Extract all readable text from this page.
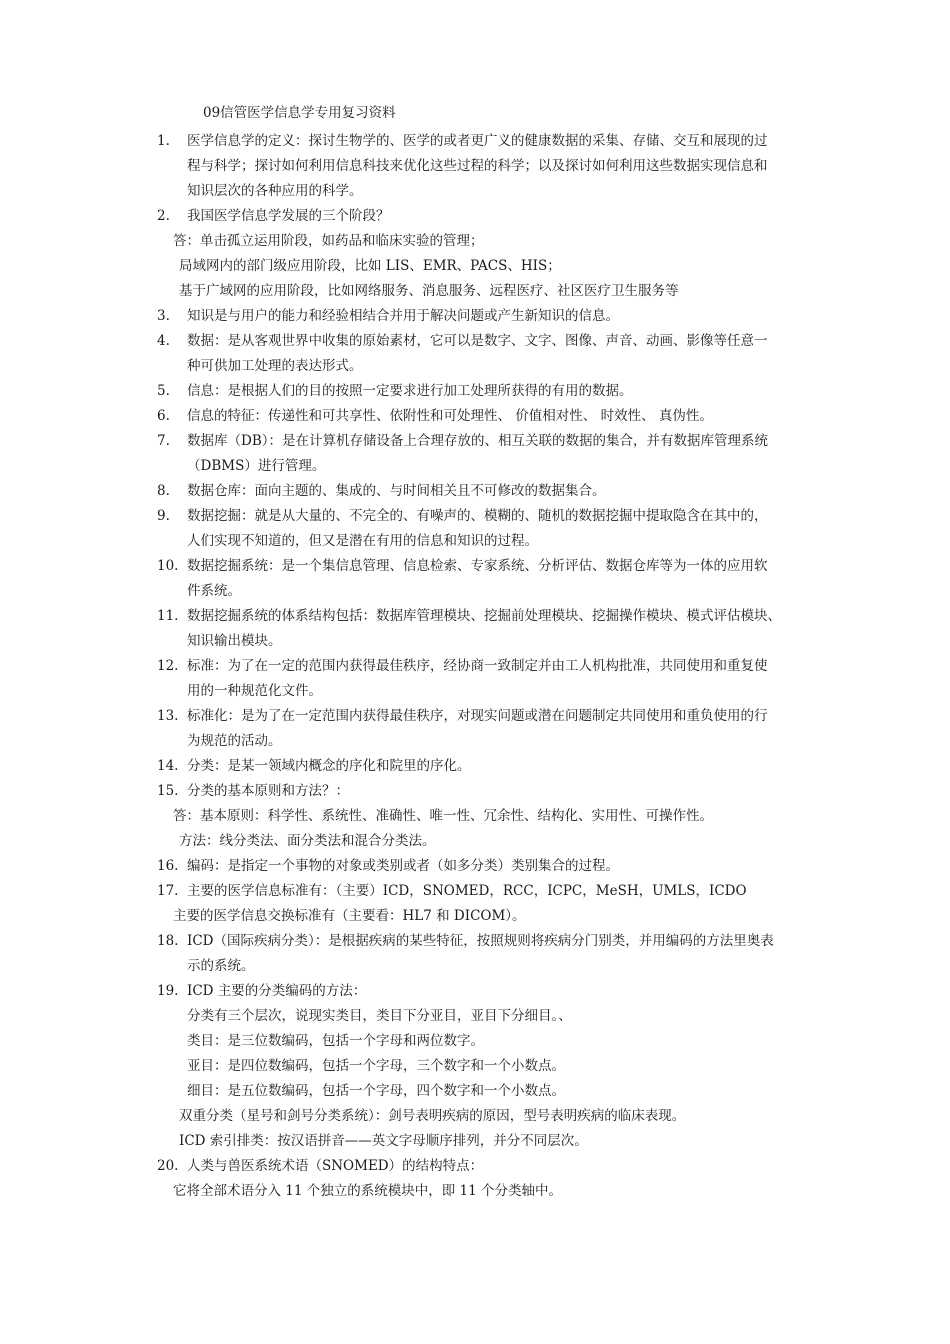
09信管医学信息学专用复习资料
1. 医学信息学的定义：探讨生物学的、医学的或者更广义的健康数据的采集、存储、交互和展现的过
程与科学；探讨如何利用信息科技来优化这些过程的科学；以及探讨如何利用这些数据实现信息和
知识层次的各种应用的科学。
2. 我国医学信息学发展的三个阶段？
答：单击孤立运用阶段，如药品和临床实验的管理；
局域网内的部门级应用阶段，比如 LIS、EMR、PACS、HIS；
基于广域网的应用阶段，比如网络服务、消息服务、远程医疗、社区医疗卫生服务等
3. 知识是与用户的能力和经验相结合并用于解决问题或产生新知识的信息。
4. 数据：是从客观世界中收集的原始素材，它可以是数字、文字、图像、声音、动画、影像等任意一
种可供加工处理的表达形式。
5. 信息：是根据人们的目的按照一定要求进行加工处理所获得的有用的数据。
6. 信息的特征：传递性和可共享性、依附性和可处理性、 价值相对性、 时效性、 真伪性。
7. 数据库（DB）：是在计算机存储设备上合理存放的、相互关联的数据的集合，并有数据库管理系统
（DBMS）进行管理。
8. 数据仓库：面向主题的、集成的、与时间相关且不可修改的数据集合。
9. 数据挖掘：就是从大量的、不完全的、有噪声的、模糊的、随机的数据挖掘中提取隐含在其中的，
人们实现不知道的，但又是潜在有用的信息和知识的过程。
10. 数据挖掘系统：是一个集信息管理、信息检索、专家系统、分析评估、数据仓库等为一体的应用软
件系统。
11. 数据挖掘系统的体系结构包括：数据库管理模块、挖掘前处理模块、挖掘操作模块、模式评估模块、
知识输出模块。
12. 标准：为了在一定的范围内获得最佳秩序，经协商一致制定并由工人机构批准，共同使用和重复使
用的一种规范化文件。
13. 标准化：是为了在一定范围内获得最佳秩序，对现实问题或潜在问题制定共同使用和重负使用的行
为规范的活动。
14. 分类：是某一领域内概念的序化和院里的序化。
15. 分类的基本原则和方法？：
答：基本原则：科学性、系统性、准确性、唯一性、冗余性、结构化、实用性、可操作性。
方法：线分类法、面分类法和混合分类法。
16. 编码：是指定一个事物的对象或类别或者（如多分类）类别集合的过程。
17. 主要的医学信息标准有：（主要）ICD，SNOMED，RCC，ICPC，MeSH，UMLS，ICDO
主要的医学信息交换标准有（主要看：HL7 和 DICOM）。
18. ICD（国际疾病分类）：是根据疾病的某些特征，按照规则将疾病分门别类，并用编码的方法里奥表
示的系统。
19. ICD 主要的分类编码的方法：
分类有三个层次，说现实类目，类目下分亚目，亚目下分细目。、
类目：是三位数编码，包括一个字母和两位数字。
亚目：是四位数编码，包括一个字母，三个数字和一个小数点。
细目：是五位数编码，包括一个字母，四个数字和一个小数点。
双重分类（星号和剑号分类系统）：剑号表明疾病的原因，型号表明疾病的临床表现。
ICD 索引排类：按汉语拼音——英文字母顺序排列，并分不同层次。
20. 人类与兽医系统术语（SNOMED）的结构特点：
它将全部术语分入 11 个独立的系统模块中，即 11 个分类轴中。
